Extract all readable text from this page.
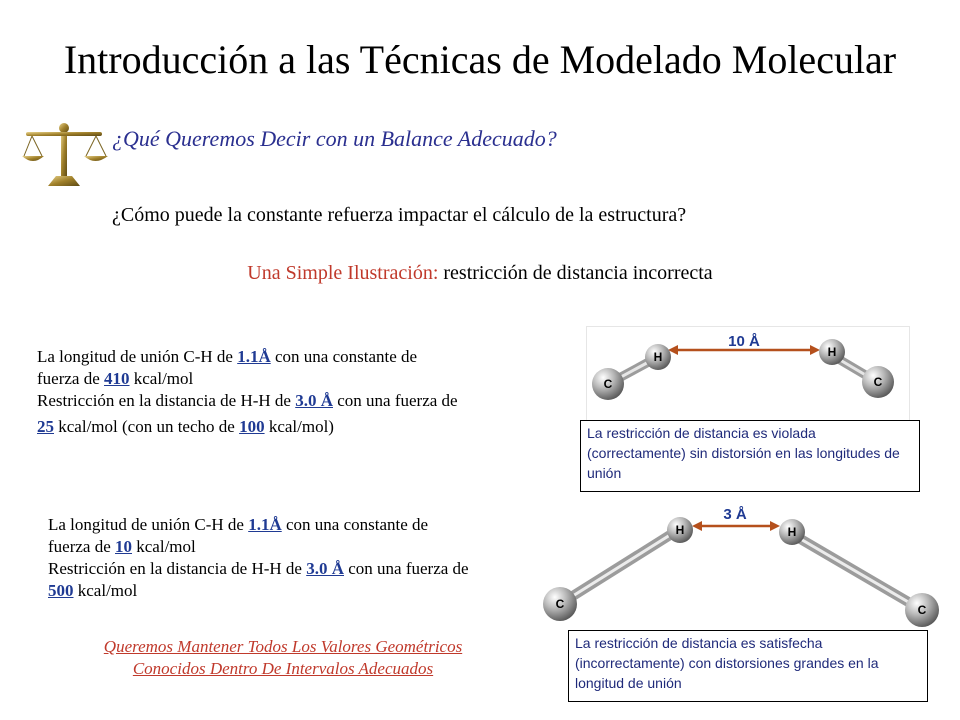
Introducción a las Técnicas de Modelado Molecular
¿Qué Queremos Decir con un Balance Adecuado?
¿Cómo puede la constante refuerza impactar el cálculo de la estructura?
Una Simple Ilustración: restricción de distancia incorrecta
La longitud de unión C-H de 1.1Å con una constante de
fuerza de 410 kcal/mol
Restricción en la distancia de H-H de 3.0 Å con una fuerza de
25 kcal/mol (con un techo de 100 kcal/mol)
H	H
C	C
10 Å
La restricción de distancia es violada (correctamente) sin distorsión en las longitudes de unión
La longitud de unión C-H de 1.1Å con una constante de
fuerza de 10 kcal/mol
Restricción en la distancia de H-H de 3.0 Å con una fuerza de
500 kcal/mol
H	H
C	C
3 Å
La restricción de distancia es satisfecha (incorrectamente) con distorsiones grandes en la longitud de unión
Queremos Mantener Todos Los Valores Geométricos Conocidos Dentro De Intervalos Adecuados
